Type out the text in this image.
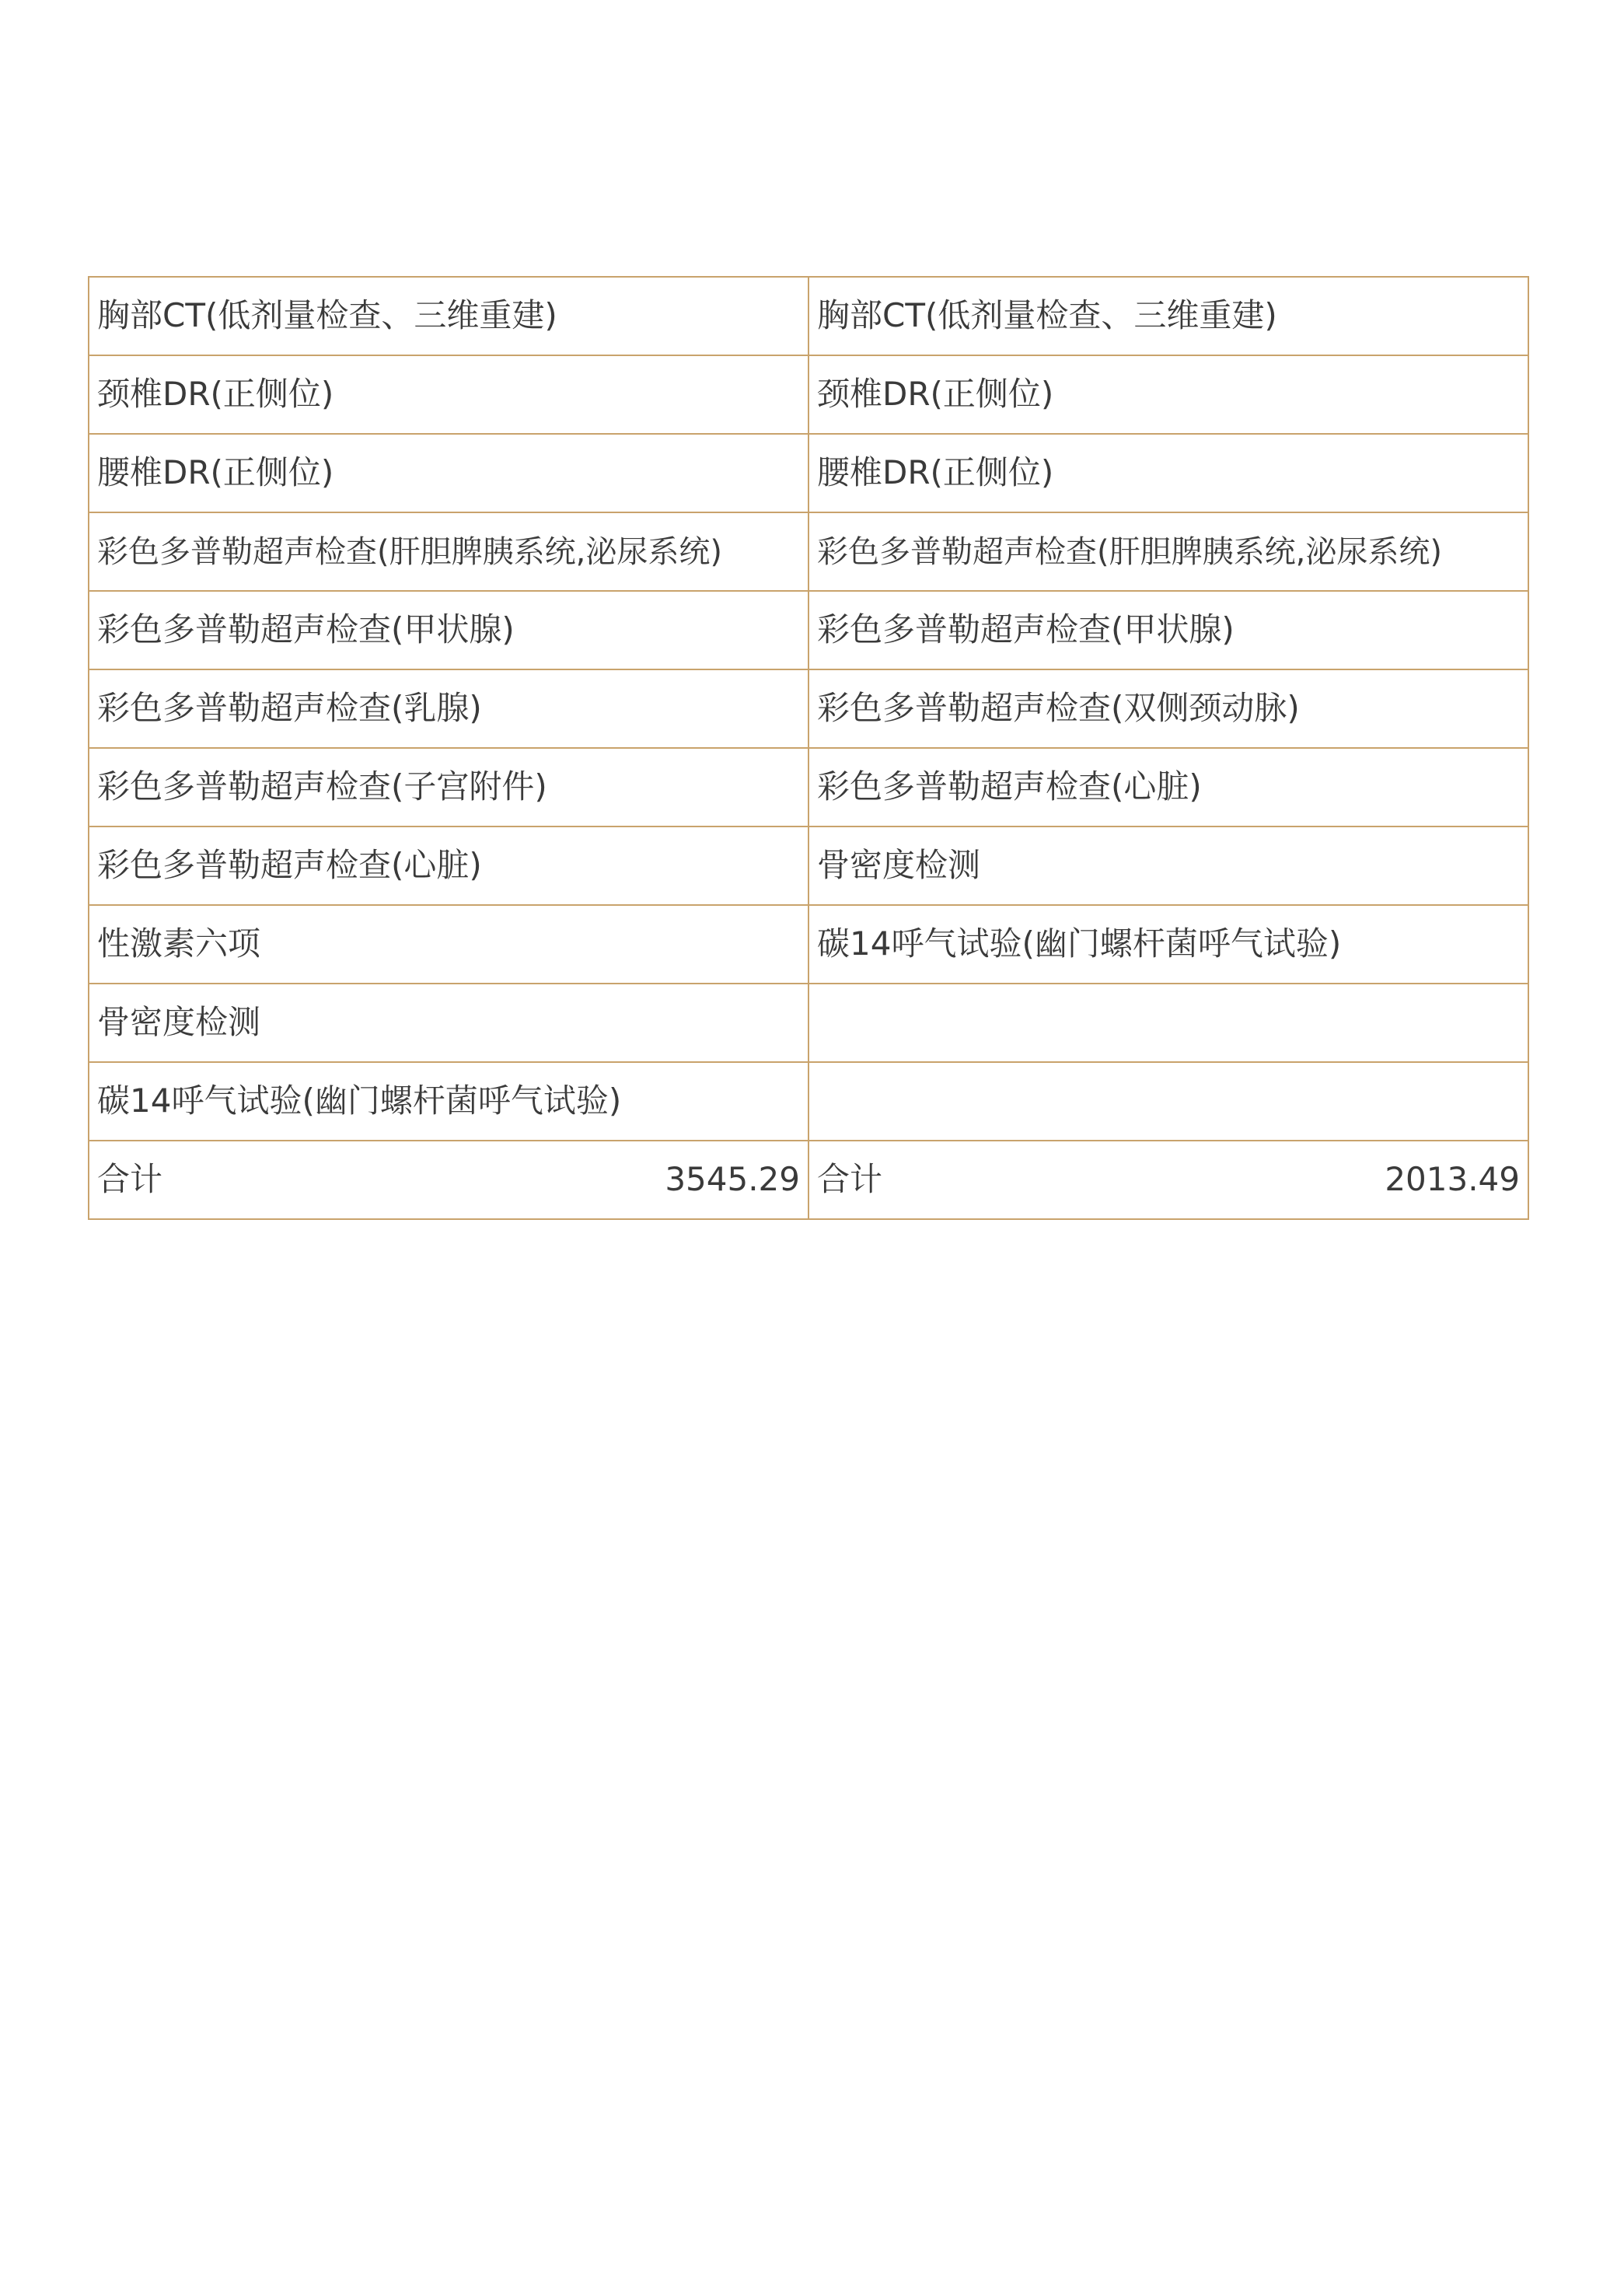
胸部CT(低剂量检查、三维重建)	胸部CT(低剂量检查、三维重建)

颈椎DR(正侧位)	颈椎DR(正侧位)

腰椎DR(正侧位)	腰椎DR(正侧位)

彩色多普勒超声检查(肝胆脾胰系统,泌尿系统)	彩色多普勒超声检查(肝胆脾胰系统,泌尿系统)

彩色多普勒超声检查(甲状腺)	彩色多普勒超声检查(甲状腺)

彩色多普勒超声检查(乳腺)	彩色多普勒超声检查(双侧颈动脉)

彩色多普勒超声检查(子宫附件)	彩色多普勒超声检查(心脏)

彩色多普勒超声检查(心脏)	骨密度检测

性激素六项	碳14呼气试验(幽门螺杆菌呼气试验)

骨密度检测	

碳14呼气试验(幽门螺杆菌呼气试验)	

合计 3545.29	合计 2013.49
